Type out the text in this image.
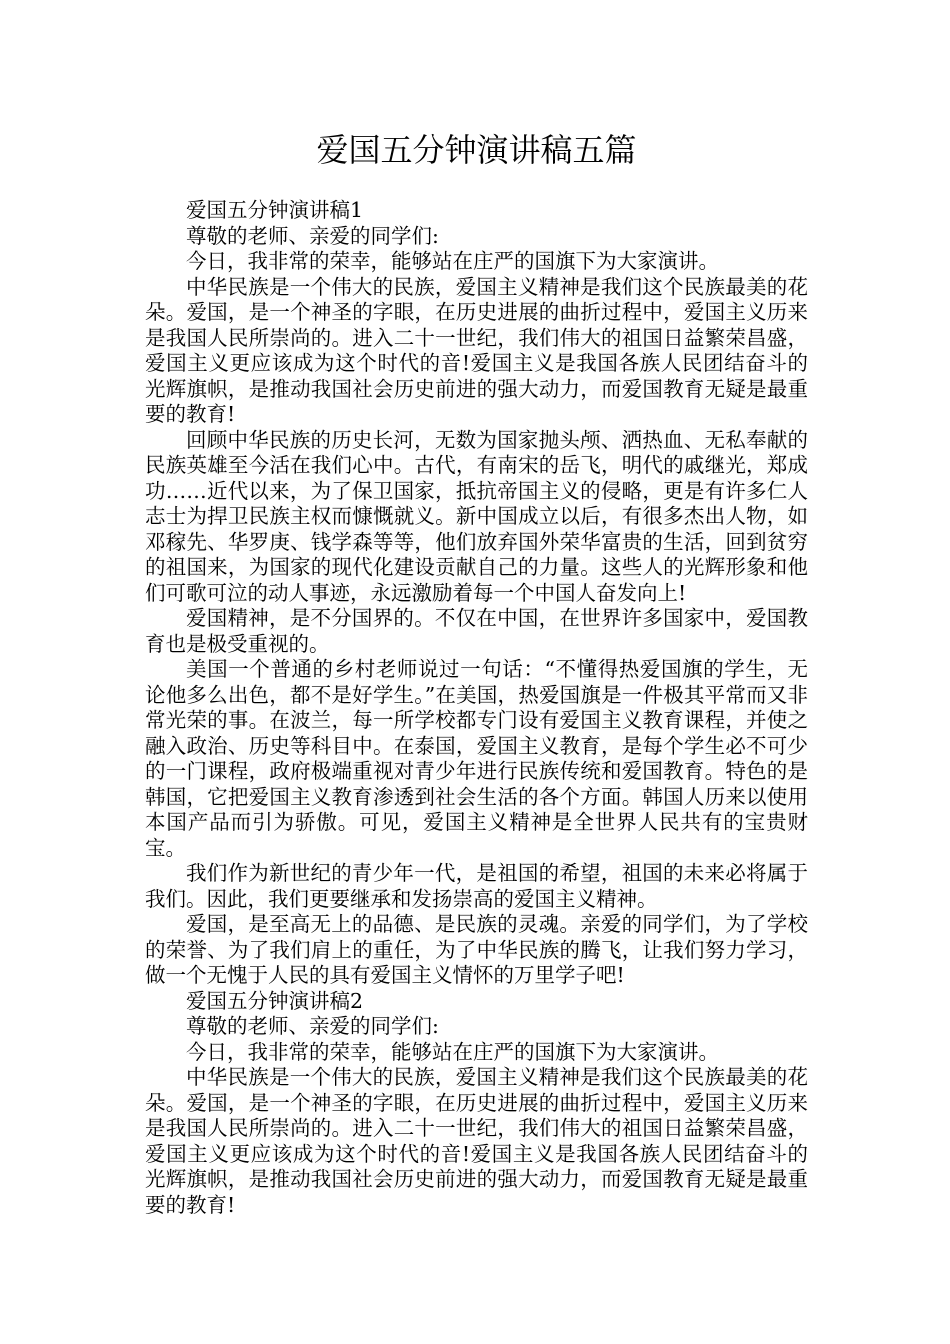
爱国五分钟演讲稿五篇

爱国五分钟演讲稿1

尊敬的老师、亲爱的同学们:

今日，我非常的荣幸，能够站在庄严的国旗下为大家演讲。

中华民族是一个伟大的民族，爱国主义精神是我们这个民族最美的花朵。爱国，是一个神圣的字眼，在历史进展的曲折过程中，爱国主义历来是我国人民所崇尚的。进入二十一世纪，我们伟大的祖国日益繁荣昌盛，爱国主义更应该成为这个时代的音!爱国主义是我国各族人民团结奋斗的光辉旗帜，是推动我国社会历史前进的强大动力，而爱国教育无疑是最重要的教育!

回顾中华民族的历史长河，无数为国家抛头颅、洒热血、无私奉献的民族英雄至今活在我们心中。古代，有南宋的岳飞，明代的戚继光，郑成功……近代以来，为了保卫国家，抵抗帝国主义的侵略，更是有许多仁人志士为捍卫民族主权而慷慨就义。新中国成立以后，有很多杰出人物，如邓稼先、华罗庚、钱学森等等，他们放弃国外荣华富贵的生活，回到贫穷的祖国来，为国家的现代化建设贡献自己的力量。这些人的光辉形象和他们可歌可泣的动人事迹，永远激励着每一个中国人奋发向上!

爱国精神，是不分国界的。不仅在中国，在世界许多国家中，爱国教育也是极受重视的。

美国一个普通的乡村老师说过一句话：“不懂得热爱国旗的学生，无论他多么出色，都不是好学生。”在美国，热爱国旗是一件极其平常而又非常光荣的事。在波兰，每一所学校都专门设有爱国主义教育课程，并使之融入政治、历史等科目中。在泰国，爱国主义教育，是每个学生必不可少的一门课程，政府极端重视对青少年进行民族传统和爱国教育。特色的是韩国，它把爱国主义教育渗透到社会生活的各个方面。韩国人历来以使用本国产品而引为骄傲。可见，爱国主义精神是全世界人民共有的宝贵财宝。

我们作为新世纪的青少年一代，是祖国的希望，祖国的未来必将属于我们。因此，我们更要继承和发扬崇高的爱国主义精神。

爱国，是至高无上的品德、是民族的灵魂。亲爱的同学们，为了学校的荣誉、为了我们肩上的重任，为了中华民族的腾飞，让我们努力学习，做一个无愧于人民的具有爱国主义情怀的万里学子吧!

爱国五分钟演讲稿2

尊敬的老师、亲爱的同学们:

今日，我非常的荣幸，能够站在庄严的国旗下为大家演讲。

中华民族是一个伟大的民族，爱国主义精神是我们这个民族最美的花朵。爱国，是一个神圣的字眼，在历史进展的曲折过程中，爱国主义历来是我国人民所崇尚的。进入二十一世纪，我们伟大的祖国日益繁荣昌盛，爱国主义更应该成为这个时代的音!爱国主义是我国各族人民团结奋斗的光辉旗帜，是推动我国社会历史前进的强大动力，而爱国教育无疑是最重要的教育!
